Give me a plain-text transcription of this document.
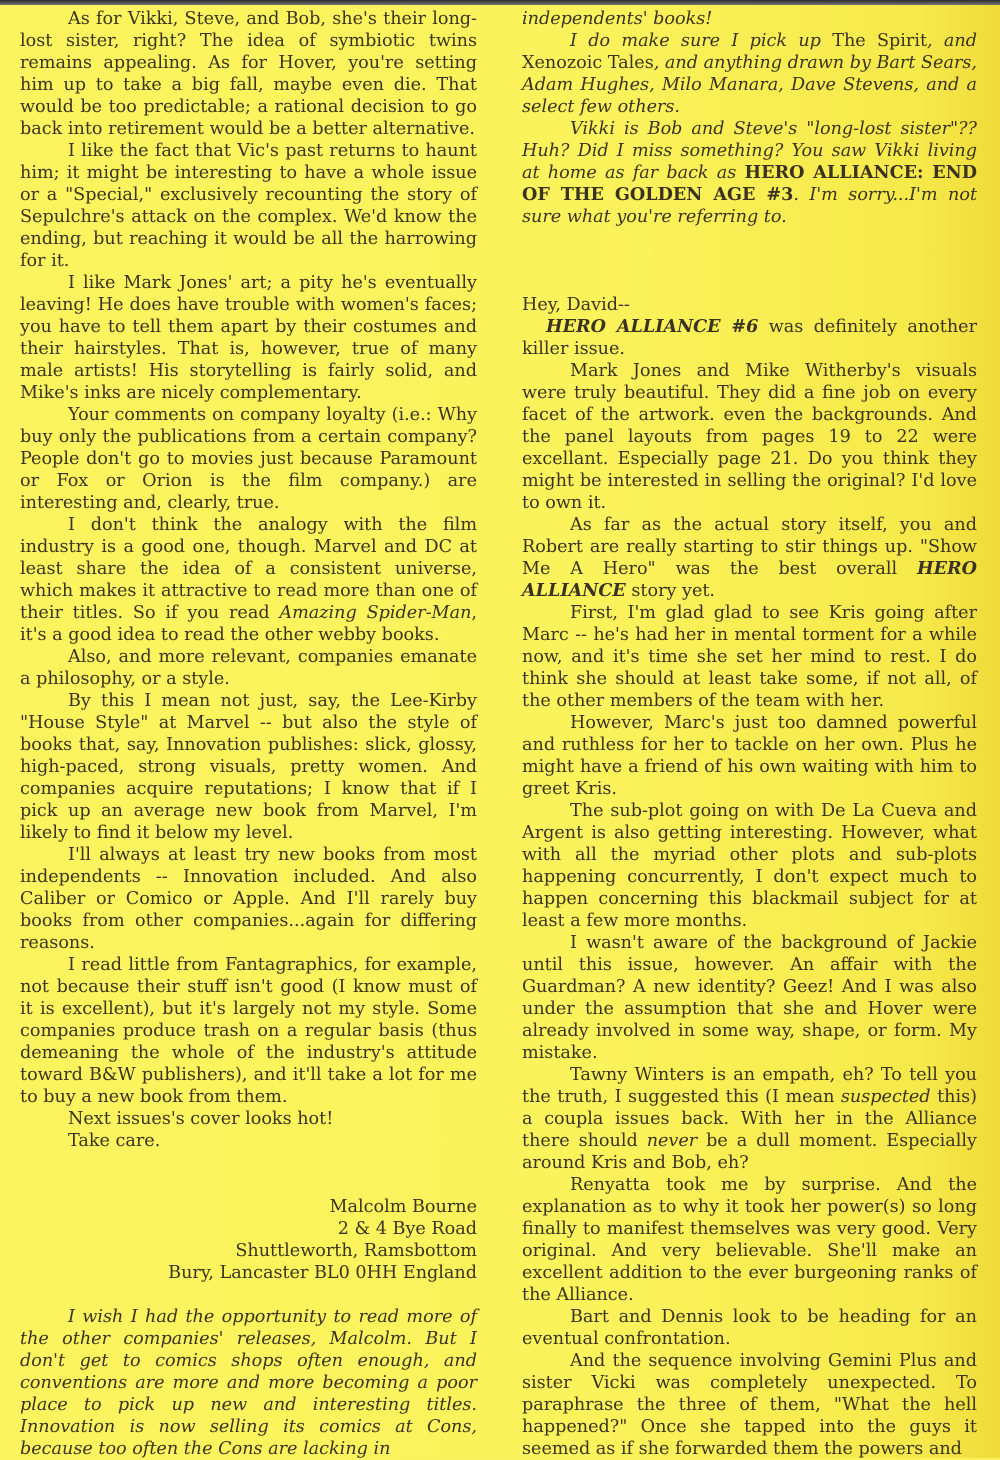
As for Vikki, Steve, and Bob, she's their long-lost sister, right? The idea of symbiotic twins remains appealing. As for Hover, you're setting him up to take a big fall, maybe even die. That would be too predictable; a rational decision to go back into retirement would be a better alternative.

I like the fact that Vic's past returns to haunt him; it might be interesting to have a whole issue or a "Special," exclusively recounting the story of Sepulchre's attack on the complex. We'd know the ending, but reaching it would be all the harrowing for it.

I like Mark Jones' art; a pity he's eventually leaving! He does have trouble with women's faces; you have to tell them apart by their costumes and their hairstyles. That is, however, true of many male artists! His storytelling is fairly solid, and Mike's inks are nicely complementary.

Your comments on company loyalty (i.e.: Why buy only the publications from a certain company? People don't go to movies just because Paramount or Fox or Orion is the film company.) are interesting and, clearly, true.

I don't think the analogy with the film industry is a good one, though. Marvel and DC at least share the idea of a consistent universe, which makes it attractive to read more than one of their titles. So if you read Amazing Spider-Man, it's a good idea to read the other webby books.

Also, and more relevant, companies emanate a philosophy, or a style.

By this I mean not just, say, the Lee-Kirby "House Style" at Marvel -- but also the style of books that, say, Innovation publishes: slick, glossy, high-paced, strong visuals, pretty women. And companies acquire reputations; I know that if I pick up an average new book from Marvel, I'm likely to find it below my level.

I'll always at least try new books from most independents -- Innovation included. And also Caliber or Comico or Apple. And I'll rarely buy books from other companies...again for differing reasons.

I read little from Fantagraphics, for example, not because their stuff isn't good (I know must of it is excellent), but it's largely not my style. Some companies produce trash on a regular basis (thus demeaning the whole of the industry's attitude toward B&W publishers), and it'll take a lot for me to buy a new book from them.

Next issues's cover looks hot!

Take care.

Malcolm Bourne
2 & 4 Bye Road
Shuttleworth, Ramsbottom
Bury, Lancaster BL0 0HH England

I wish I had the opportunity to read more of the other companies' releases, Malcolm. But I don't get to comics shops often enough, and conventions are more and more becoming a poor place to pick up new and interesting titles. Innovation is now selling its comics at Cons, because too often the Cons are lacking in

independents' books!

I do make sure I pick up The Spirit, and Xenozoic Tales, and anything drawn by Bart Sears, Adam Hughes, Milo Manara, Dave Stevens, and a select few others.

Vikki is Bob and Steve's "long-lost sister"?? Huh? Did I miss something? You saw Vikki living at home as far back as HERO ALLIANCE: END OF THE GOLDEN AGE #3. I'm sorry...I'm not sure what you're referring to.

Hey, David--

HERO ALLIANCE #6 was definitely another killer issue.

Mark Jones and Mike Witherby's visuals were truly beautiful. They did a fine job on every facet of the artwork. even the backgrounds. And the panel layouts from pages 19 to 22 were excellant. Especially page 21. Do you think they might be interested in selling the original? I'd love to own it.

As far as the actual story itself, you and Robert are really starting to stir things up. "Show Me A Hero" was the best overall HERO ALLIANCE story yet.

First, I'm glad glad to see Kris going after Marc -- he's had her in mental torment for a while now, and it's time she set her mind to rest. I do think she should at least take some, if not all, of the other members of the team with her.

However, Marc's just too damned powerful and ruthless for her to tackle on her own. Plus he might have a friend of his own waiting with him to greet Kris.

The sub-plot going on with De La Cueva and Argent is also getting interesting. However, what with all the myriad other plots and sub-plots happening concurrently, I don't expect much to happen concerning this blackmail subject for at least a few more months.

I wasn't aware of the background of Jackie until this issue, however. An affair with the Guardman? A new identity? Geez! And I was also under the assumption that she and Hover were already involved in some way, shape, or form. My mistake.

Tawny Winters is an empath, eh? To tell you the truth, I suggested this (I mean suspected this) a coupla issues back. With her in the Alliance there should never be a dull moment. Especially around Kris and Bob, eh?

Renyatta took me by surprise. And the explanation as to why it took her power(s) so long finally to manifest themselves was very good. Very original. And very believable. She'll make an excellent addition to the ever burgeoning ranks of the Alliance.

Bart and Dennis look to be heading for an eventual confrontation.

And the sequence involving Gemini Plus and sister Vicki was completely unexpected. To paraphrase the three of them, "What the hell happened?" Once she tapped into the guys it seemed as if she forwarded them the powers and
